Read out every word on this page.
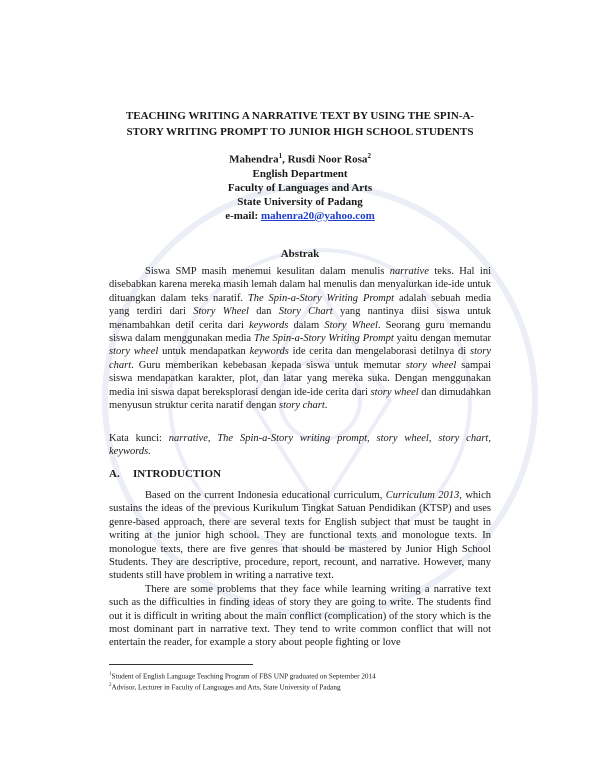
TEACHING WRITING A NARRATIVE TEXT BY USING THE SPIN-A-
STORY WRITING PROMPT TO JUNIOR HIGH SCHOOL STUDENTS
Mahendra$^1$, Rusdi Noor Rosa$^2$
English Department
Faculty of Languages and Arts
State University of Padang
e-mail: mahenra20@yahoo.com
Abstrak

Siswa SMP masih menemui kesulitan dalam menulis narrative teks. Hal ini disebabkan karena mereka masih lemah dalam hal menulis dan menyalurkan ide-ide untuk dituangkan dalam teks naratif. The Spin-a-Story Writing Prompt adalah sebuah media yang terdiri dari Story Wheel dan Story Chart yang nantinya diisi siswa untuk menambahkan detil cerita dari keywords dalam Story Wheel. Seorang guru memandu siswa dalam menggunakan media The Spin-a-Story Writing Prompt yaitu dengan memutar story wheel untuk mendapatkan keywords ide cerita dan mengelaborasi detilnya di story chart. Guru memberikan kebebasan kepada siswa untuk memutar story wheel sampai siswa mendapatkan karakter, plot, dan latar yang mereka suka. Dengan menggunakan media ini siswa dapat bereksplorasi dengan ide-ide cerita dari story wheel dan dimudahkan menyusun struktur cerita naratif dengan story chart.

Kata kunci: narrative, The Spin-a-Story writing prompt, story wheel, story chart, keywords.

A. INTRODUCTION

Based on the current Indonesia educational curriculum, Curriculum 2013, which sustains the ideas of the previous Kurikulum Tingkat Satuan Pendidikan (KTSP) and uses genre-based approach, there are several texts for English subject that must be taught in writing at the junior high school. They are functional texts and monologue texts. In monologue texts, there are five genres that should be mastered by Junior High School Students. They are descriptive, procedure, report, recount, and narrative. However, many students still have problem in writing a narrative text.

There are some problems that they face while learning writing a narrative text such as the difficulties in finding ideas of story they are going to write. The students find out it is difficult in writing about the main conflict (complication) of the story which is the most dominant part in narrative text. They tend to write common conflict that will not entertain the reader, for example a story about people fighting or love

$^1$Student of English Language Teaching Program of FBS UNP graduated on September 2014
$^2$Advisor, Lecturer in Faculty of Languages and Arts, State University of Padang
